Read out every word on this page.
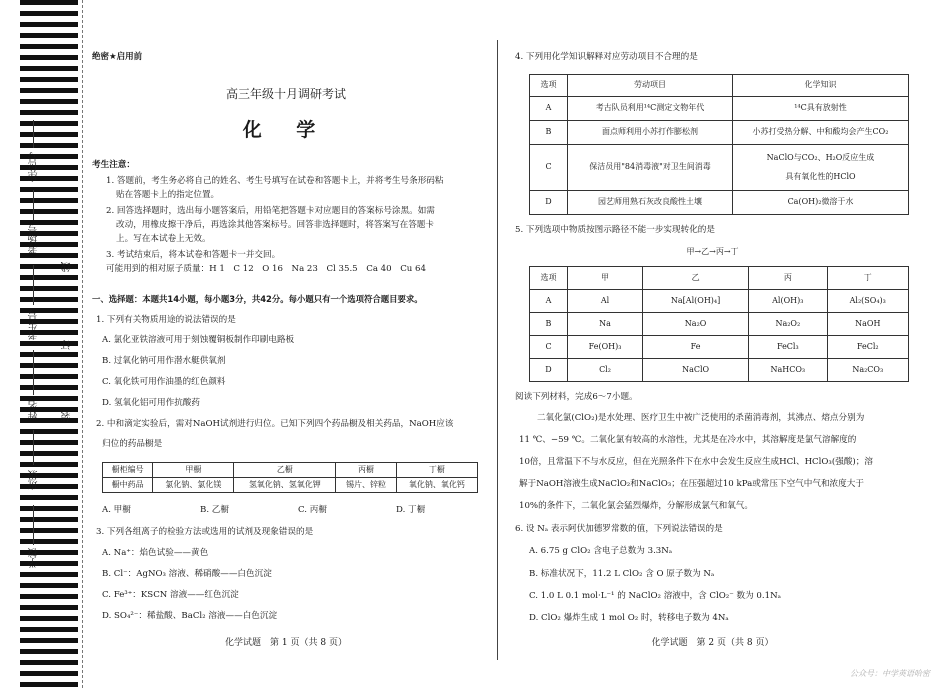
座位号
考场号
考生号
姓名
班级
学校
线
订
装
绝密★启用前
高三年级十月调研考试
化 学
考生注意：
1. 答题前，考生务必将自己的姓名、考生号填写在试卷和答题卡上，并将考生号条形码粘
贴在答题卡上的指定位置。
2. 回答选择题时，选出每小题答案后，用铅笔把答题卡对应题目的答案标号涂黑。如需
改动，用橡皮擦干净后，再选涂其他答案标号。回答非选择题时，将答案写在答题卡
上。写在本试卷上无效。
3. 考试结束后，将本试卷和答题卡一并交回。
可能用到的相对原子质量：H 1　C 12　O 16　Na 23　Cl 35.5　Ca 40　Cu 64
一、选择题：本题共14小题，每小题3分，共42分。每小题只有一个选项符合题目要求。
1. 下列有关物质用途的说法错误的是
A. 氯化亚铁溶液可用于刻蚀覆铜板制作印刷电路板
B. 过氧化钠可用作潜水艇供氧剂
C. 氧化铁可用作油墨的红色颜料
D. 氢氧化铝可用作抗酸药
2. 中和滴定实验后，需对NaOH试剂进行归位。已知下列四个药品橱及相关药品，NaOH应该
归位的药品橱是
橱柜编号	甲橱	乙橱	丙橱	丁橱
橱中药品	氯化钠、氯化镁	氢氧化钠、氢氧化钾	锡片、锌粒	氧化钠、氧化钙
A. 甲橱	B. 乙橱	C. 丙橱	D. 丁橱
3. 下列各组离子的检验方法或选用的试剂及现象错误的是
A. Na⁺：焰色试验——黄色
B. Cl⁻：AgNO₃ 溶液、稀硝酸——白色沉淀
C. Fe³⁺：KSCN 溶液——红色沉淀
D. SO₄²⁻：稀盐酸、BaCl₂ 溶液——白色沉淀
化学试题　第 1 页（共 8 页）
4. 下列用化学知识解释对应劳动项目不合理的是
选项	劳动项目	化学知识
A	考古队员利用¹⁴C测定文物年代	¹⁴C具有放射性
B	面点师利用小苏打作膨松剂	小苏打受热分解、中和酸均会产生CO₂
C	保洁员用"84消毒液"对卫生间消毒	NaClO与CO₂、H₂O反应生成
具有氧化性的HClO

D	园艺师用熟石灰改良酸性土壤	Ca(OH)₂微溶于水
5. 下列选项中物质按图示路径不能一步实现转化的是
甲→乙→丙→丁
选项	甲	乙	丙	丁
A	Al	Na[Al(OH)₄]	Al(OH)₃	Al₂(SO₄)₃
B	Na	Na₂O	Na₂O₂	NaOH
C	Fe(OH)₃	Fe	FeCl₃	FeCl₂
D	Cl₂	NaClO	NaHCO₃	Na₂CO₃
阅读下列材料，完成6～7小题。
二氧化氯(ClO₂)是水处理、医疗卫生中被广泛使用的杀菌消毒剂，其沸点、熔点分别为
11 ℃、−59 ℃。二氧化氯有较高的水溶性，尤其是在冷水中，其溶解度是氯气溶解度的
10倍，且常温下不与水反应，但在光照条件下在水中会发生反应生成HCl、HClO₃(强酸)；溶
解于NaOH溶液生成NaClO₂和NaClO₃；在压强超过10 kPa或常压下空气中气和浓度大于
10%的条件下，二氧化氯会猛烈爆炸，分解形成氯气和氧气。
6. 设 Nₐ 表示阿伏加德罗常数的值，下列说法错误的是
A. 6.75 g ClO₂ 含电子总数为 3.3Nₐ
B. 标准状况下，11.2 L ClO₂ 含 O 原子数为 Nₐ
C. 1.0 L 0.1 mol·L⁻¹ 的 NaClO₂ 溶液中，含 ClO₂⁻ 数为 0.1Nₐ
D. ClO₂ 爆炸生成 1 mol O₂ 时，转移电子数为 4Nₐ
化学试题　第 2 页（共 8 页）
公众号：中学英语哈密
